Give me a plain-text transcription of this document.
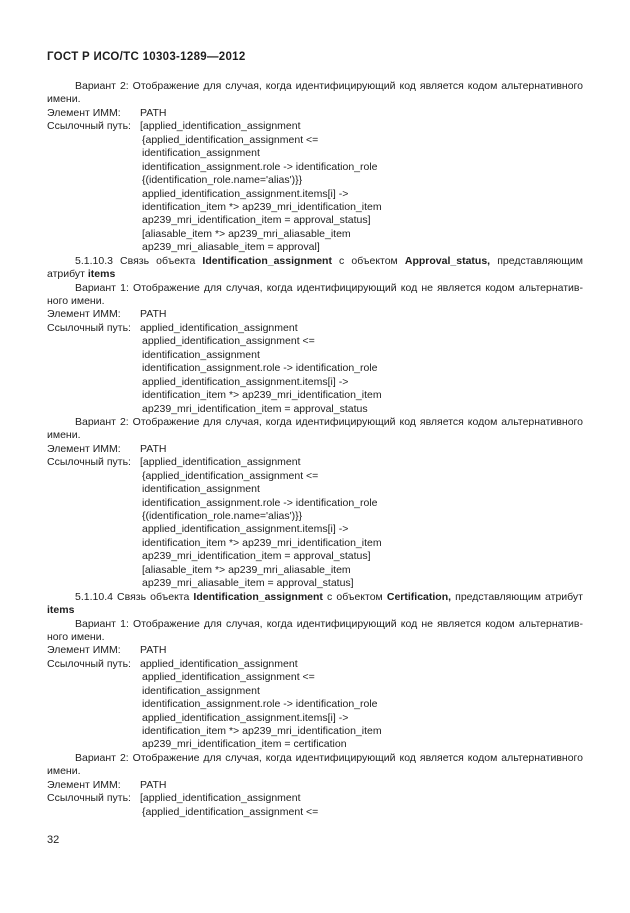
ГОСТ Р ИСО/ТС 10303-1289—2012
Вариант 2: Отображение для случая, когда идентифицирующий код является кодом альтернативного
имени.
Элемент ИММ: PATH
Ссылочный путь: [applied_identification_assignment
{applied_identification_assignment <=
identification_assignment
identification_assignment.role -> identification_role
{(identification_role.name='alias')}}
applied_identification_assignment.items[i] ->
identification_item *> ap239_mri_identification_item
ap239_mri_identification_item = approval_status]
[aliasable_item *> ap239_mri_aliasable_item
ap239_mri_aliasable_item = approval]
5.1.10.3 Связь объекта Identification_assignment с объектом Approval_status, представляющим
атрибут items
Вариант 1: Отображение для случая, когда идентифицирующий код не является кодом альтернатив-
ного имени.
Элемент ИММ: PATH
Ссылочный путь: applied_identification_assignment
applied_identification_assignment <=
identification_assignment
identification_assignment.role -> identification_role
applied_identification_assignment.items[i] ->
identification_item *> ap239_mri_identification_item
ap239_mri_identification_item = approval_status
Вариант 2: Отображение для случая, когда идентифицирующий код является кодом альтернативного
имени.
Элемент ИММ: PATH
Ссылочный путь: [applied_identification_assignment
{applied_identification_assignment <=
identification_assignment
identification_assignment.role -> identification_role
{(identification_role.name='alias')}}
applied_identification_assignment.items[i] ->
identification_item *> ap239_mri_identification_item
ap239_mri_identification_item = approval_status]
[aliasable_item *> ap239_mri_aliasable_item
ap239_mri_aliasable_item = approval_status]
5.1.10.4 Связь объекта Identification_assignment с объектом Certification, представляющим атрибут
items
Вариант 1: Отображение для случая, когда идентифицирующий код не является кодом альтернатив-
ного имени.
Элемент ИММ: PATH
Ссылочный путь: applied_identification_assignment
applied_identification_assignment <=
identification_assignment
identification_assignment.role -> identification_role
applied_identification_assignment.items[i] ->
identification_item *> ap239_mri_identification_item
ap239_mri_identification_item = certification
Вариант 2: Отображение для случая, когда идентифицирующий код является кодом альтернативного
имени.
Элемент ИММ: PATH
Ссылочный путь: [applied_identification_assignment
{applied_identification_assignment <=
32
